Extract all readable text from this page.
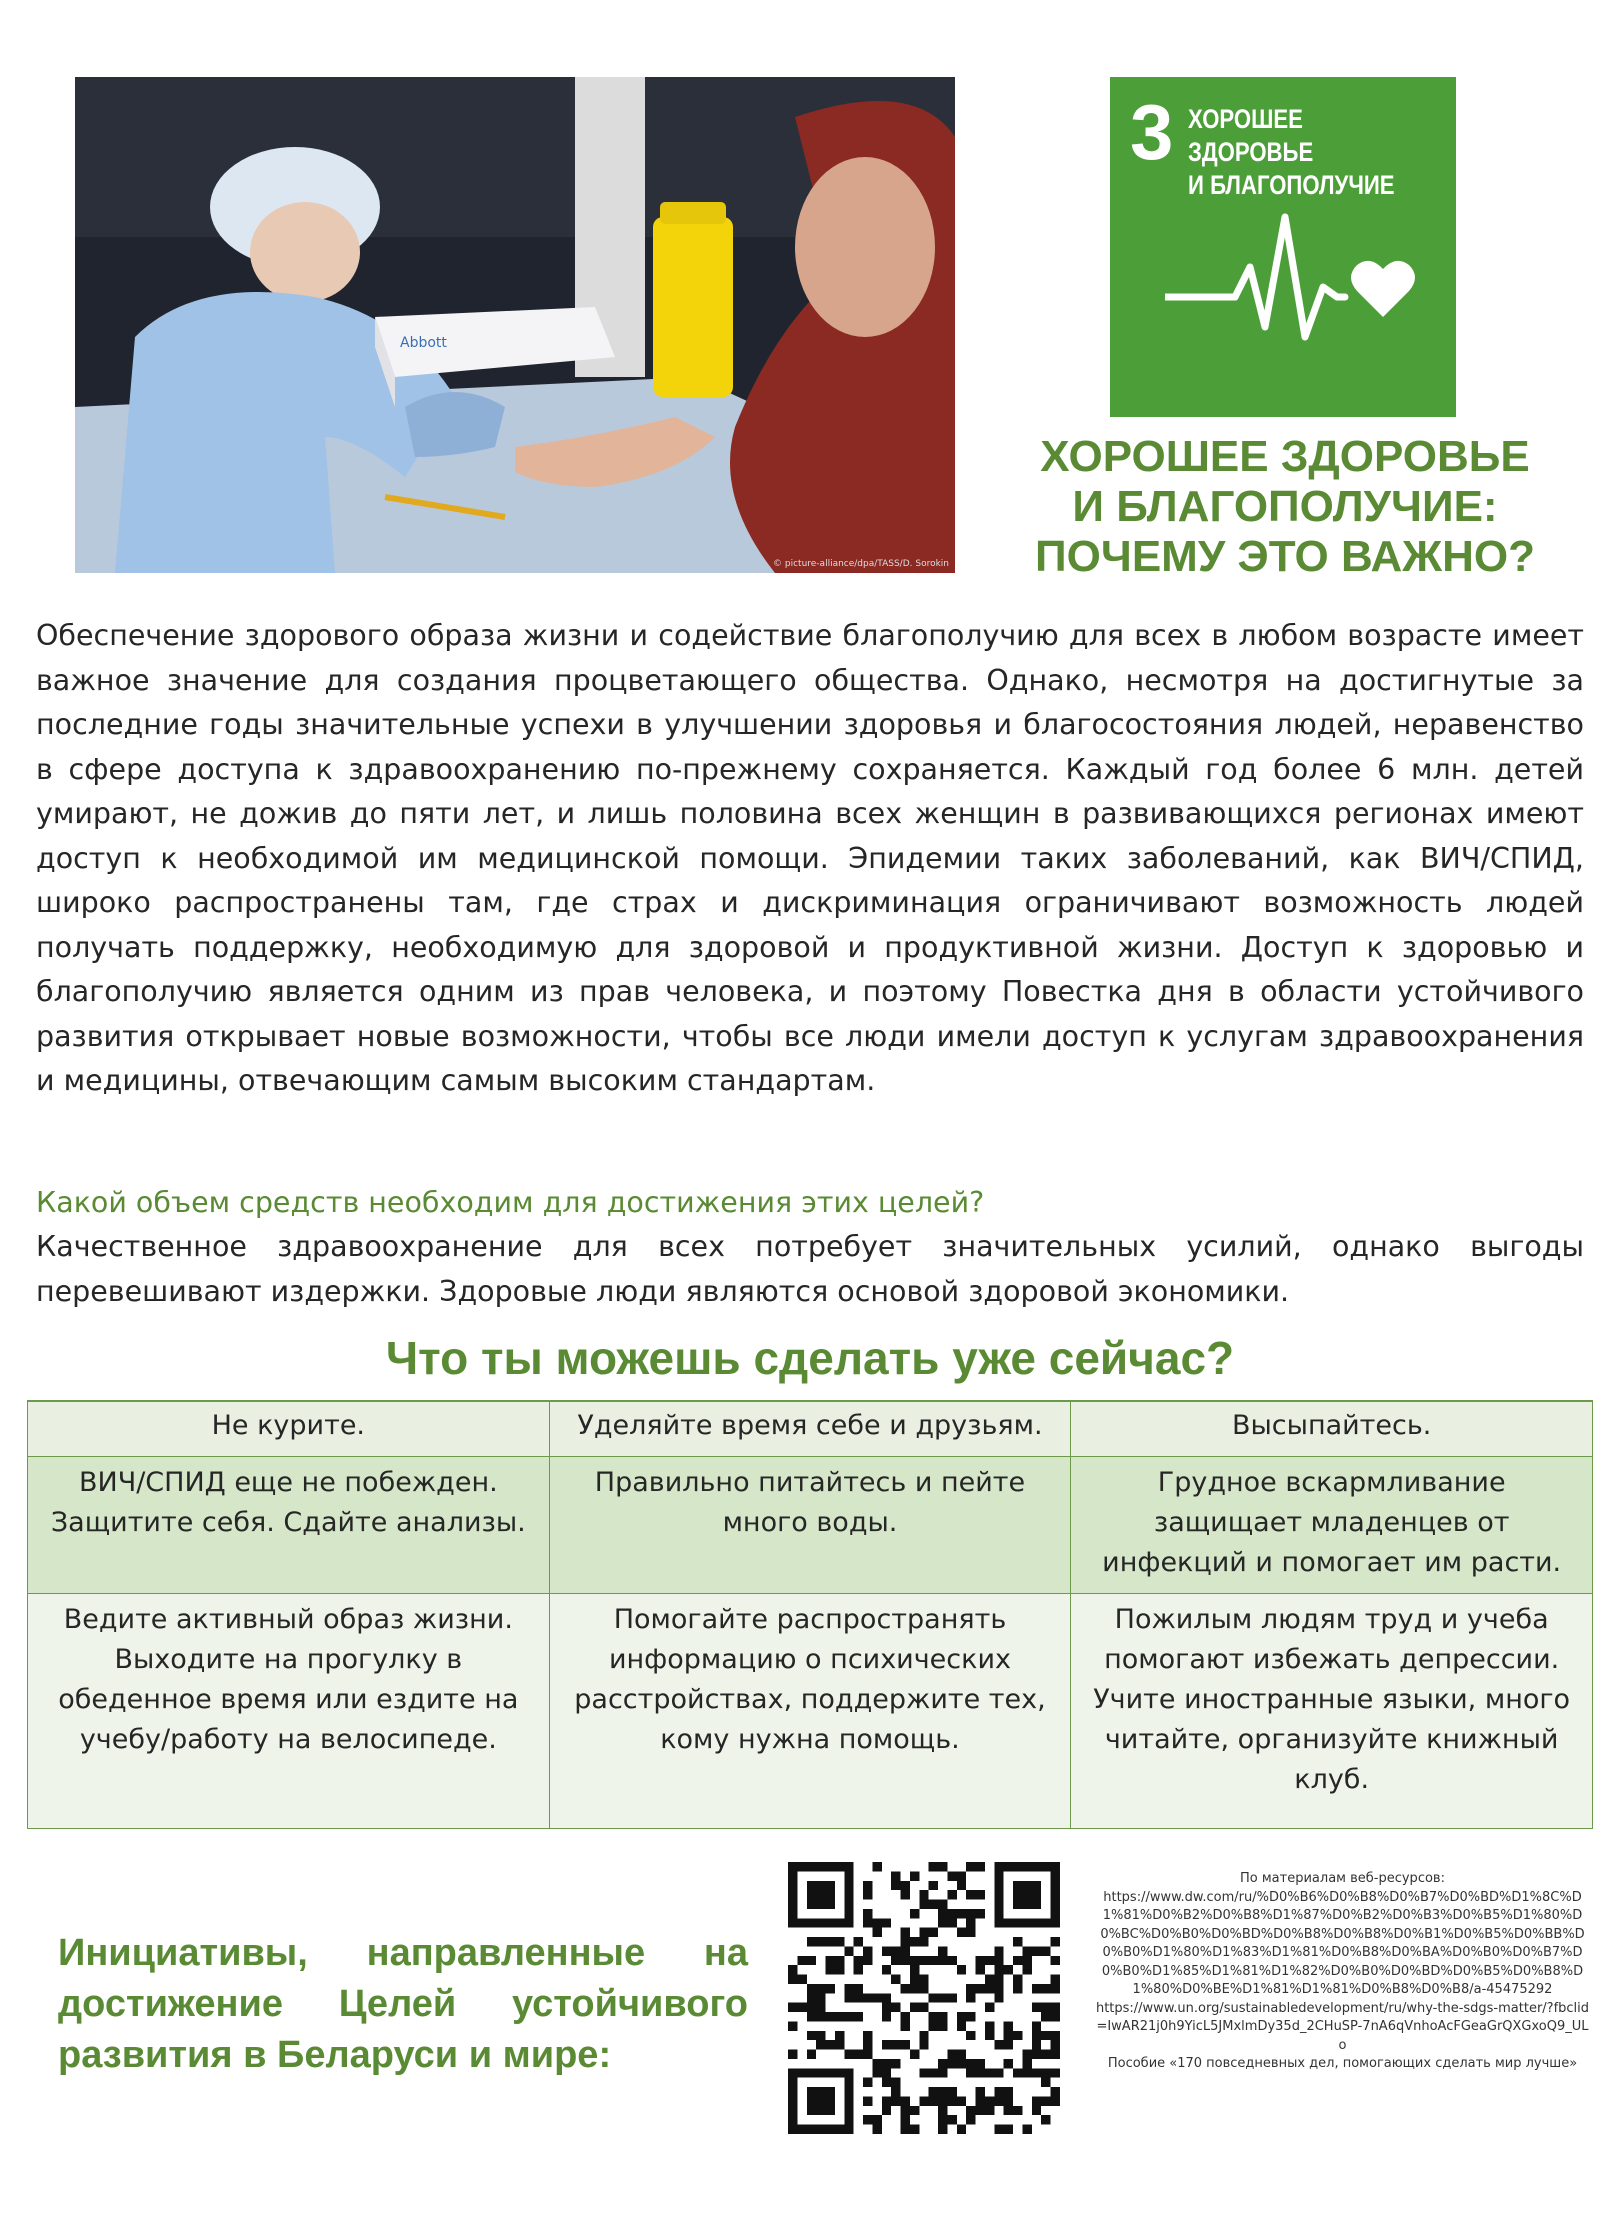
Abbott
© picture-alliance/dpa/TASS/D. Sorokin
3 ХОРОШЕЕ ЗДОРОВЬЕ
И БЛАГОПОЛУЧИЕ
ХОРОШЕЕ ЗДОРОВЬЕ
И БЛАГОПОЛУЧИЕ:
ПОЧЕМУ ЭТО ВАЖНО?
Обеспечение здорового образа жизни и содействие благополучию для всех в любом возрасте имеет важное значение для создания процветающего общества. Однако, несмотря на достигнутые за последние годы значительные успехи в улучшении здоровья и благосостояния людей, неравенство в сфере доступа к здравоохранению по-прежнему сохраняется. Каждый год более 6 млн. детей умирают, не дожив до пяти лет, и лишь половина всех женщин в развивающихся регионах имеют доступ к необходимой им медицинской помощи. Эпидемии таких заболеваний, как ВИЧ/СПИД, широко распространены там, где страх и дискриминация ограничивают возможность людей получать поддержку, необходимую для здоровой и продуктивной жизни. Доступ к здоровью и благополучию является одним из прав человека, и поэтому Повестка дня в области устойчивого развития открывает новые возможности, чтобы все люди имели доступ к услугам здравоохранения и медицины, отвечающим самым высоким стандартам.
Какой объем средств необходим для достижения этих целей?
Качественное здравоохранение для всех потребует значительных усилий, однако выгоды перевешивают издержки. Здоровые люди являются основой здоровой экономики.
Что ты можешь сделать уже сейчас?
Не курите.	Уделяйте время себе и друзьям.	Высыпайтесь.
ВИЧ/СПИД еще не побежден. Защитите себя. Сдайте анализы.	Правильно питайтесь и пейте много воды.	Грудное вскармливание защищает младенцев от инфекций и помогает им расти.
Ведите активный образ жизни. Выходите на прогулку в обеденное время или ездите на учебу/работу на велосипеде.	Помогайте распространять информацию о психических расстройствах, поддержите тех, кому нужна помощь.	Пожилым людям труд и учеба помогают избежать депрессии. Учите иностранные языки, много читайте, организуйте книжный клуб.
Инициативы, направленные на
достижение Целей устойчивого
развития в Беларуси и мире:
По материалам веб-ресурсов:
https://www.dw.com/ru/%D0%B6%D0%B8%D0%B7%D0%BD%D1%8C%D1%81%D0%B2%D0%B8%D1%87%D0%B2%D0%B3%D0%B5%D1%80%D0%BC%D0%B0%D0%BD%D0%B8%D0%B8%D0%B1%D0%B5%D0%BB%D0%B0%D1%80%D1%83%D1%81%D0%B8%D0%BA%D0%B0%D0%B7%D0%B0%D1%85%D1%81%D1%82%D0%B0%D0%BD%D0%B5%D0%B8%D1%80%D0%BE%D1%81%D1%81%D0%B8%D0%B8/a-45475292
https://www.un.org/sustainabledevelopment/ru/why-the-sdgs-matter/?fbclid=IwAR21j0h9YicL5JMxlmDy35d_2CHuSP-7nA6qVnhoAcFGeaGrQXGxoQ9_ULo
Пособие «170 повседневных дел, помогающих сделать мир лучше»
